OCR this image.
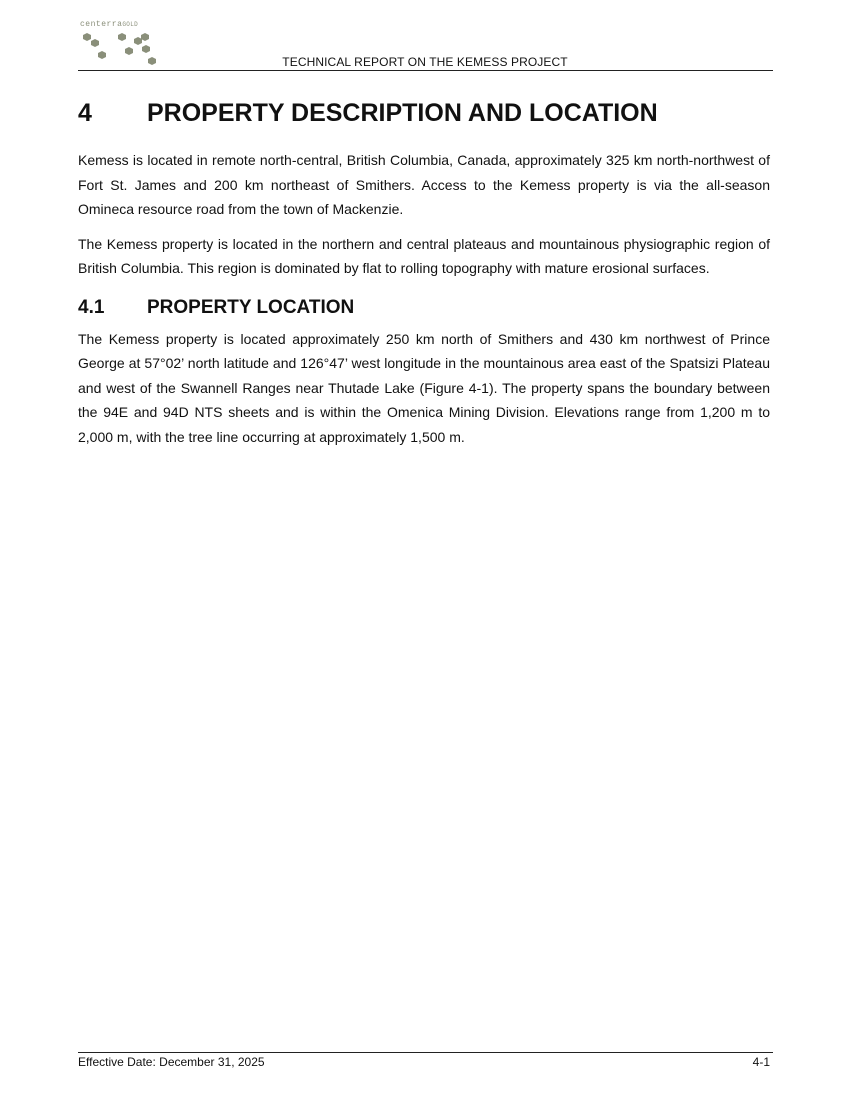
centerraGOLD
TECHNICAL REPORT ON THE KEMESS PROJECT
4	PROPERTY DESCRIPTION AND LOCATION

Kemess is located in remote north-central, British Columbia, Canada, approximately 325 km north-northwest of Fort St. James and 200 km northeast of Smithers. Access to the Kemess property is via the all-season Omineca resource road from the town of Mackenzie.

The Kemess property is located in the northern and central plateaus and mountainous physiographic region of British Columbia. This region is dominated by flat to rolling topography with mature erosional surfaces.

4.1	PROPERTY LOCATION

The Kemess property is located approximately 250 km north of Smithers and 430 km northwest of Prince George at 57°02’ north latitude and 126°47’ west longitude in the mountainous area east of the Spatsizi Plateau and west of the Swannell Ranges near Thutade Lake (Figure 4-1). The property spans the boundary between the 94E and 94D NTS sheets and is within the Omenica Mining Division. Elevations range from 1,200 m to 2,000 m, with the tree line occurring at approximately 1,500 m.

Effective Date: December 31, 2025	4-1
